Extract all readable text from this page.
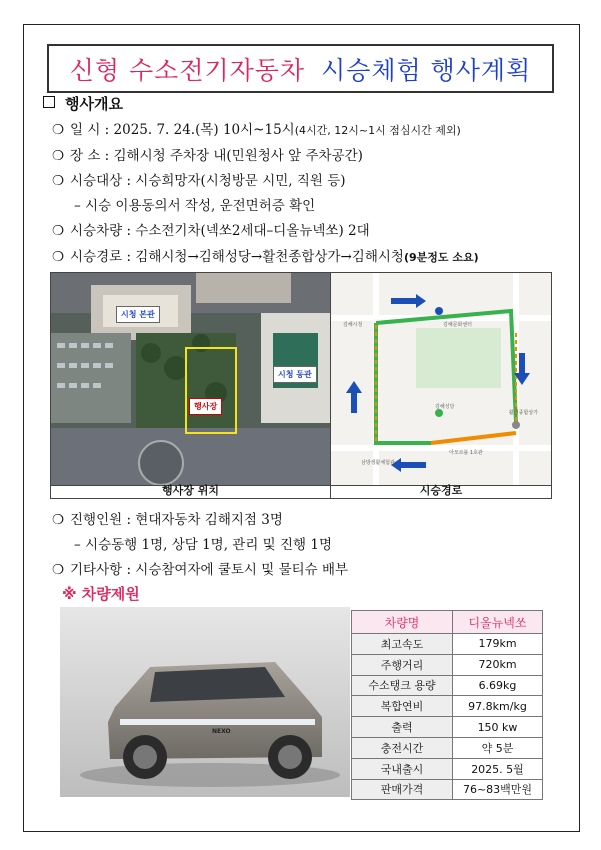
신형 수소전기자동차 시승체험 행사계획
행사개요
❍ 일 시 : 2025. 7. 24.(목) 10시~15시(4시간, 12시~1시 점심시간 제외)
❍ 장 소 : 김해시청 주차장 내(민원청사 앞 주차공간)
❍ 시승대상 : 시승희망자(시청방문 시민, 직원 등)
– 시승 이용동의서 작성, 운전면허증 확인
❍ 시승차량 : 수소전기차(넥쏘2세대–디올뉴넥쏘) 2대
❍ 시승경로 : 김해시청→김해성당→활천종합상가→김해시청(9분정도 소요)
시청 본관
시청 동관
행사장
김해시청	김해문화센터
김해성당
활천종합상가
아모르블 1호관
삼방생활체험관
행사장 위치	시승경로
❍ 진행인원 : 현대자동차 김해지점 3명
– 시승동행 1명, 상담 1명, 관리 및 진행 1명
❍ 기타사항 : 시승참여자에 쿨토시 및 물티슈 배부
※ 차량제원
NEXO
차량명	디올뉴넥쏘
최고속도	179km
주행거리	720km
수소탱크 용량	6.69kg
복합연비	97.8km/kg
출력	150 kw
충전시간	약 5분
국내출시	2025. 5월
판매가격	76~83백만원
